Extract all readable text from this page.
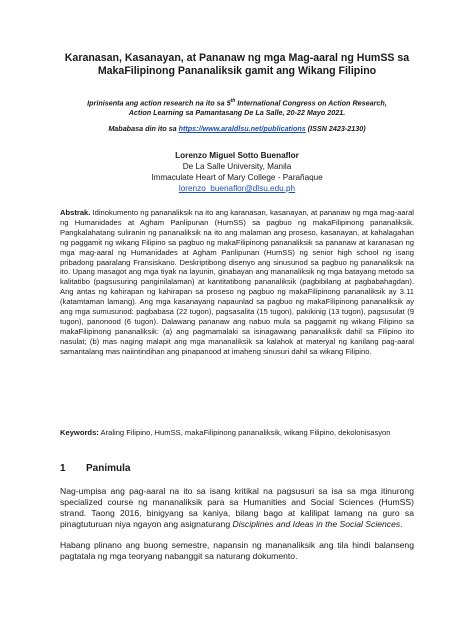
Karanasan, Kasanayan, at Pananaw ng mga Mag-aaral ng HumSS sa
MakaFilipinong Pananaliksik gamit ang Wikang Filipino
Iprinisenta ang action research na ito sa 5th International Congress on Action Research,
Action Learning sa Pamantasang De La Salle, 20-22 Mayo 2021.
Mababasa din ito sa https://www.araldlsu.net/publications (ISSN 2423-2130)
Lorenzo Miguel Sotto Buenaflor
De La Salle University, Manila
Immaculate Heart of Mary College - Parañaque
lorenzo_buenaflor@dlsu.edu.ph
Abstrak. Idinokumento ng pananaliksik na ito ang karanasan, kasanayan, at pananaw ng mga mag-aaral ng Humanidades at Agham Panlipunan (HumSS) sa pagbuo ng makaFilipinong pananaliksik. Pangkalahatang suliranin ng pananaliksik na ito ang malaman ang proseso, kasanayan, at kahalagahan ng paggamit ng wikang Filipino sa pagbuo ng makaFilipinong pananaliksik sa pananaw at karanasan ng mga mag-aaral ng Humanidades at Agham Panlipunan (HumSS) ng senior high school ng isang pribadong paaralang Fransiskano. Deskriptibong disenyo ang sinusunod sa pagbuo ng pananaliksik na ito. Upang masagot ang mga tiyak na layunin, ginabayan ang mananaliksik ng mga batayang metodo sa kalitatibo (pagsusuring panginilalaman) at kantitatibong pananaliksik (pagbibilang at pagbabahagdan). Ang antas ng kahirapan ng kahirapan sa proseso ng pagbuo ng makaFilipinong pananaliksik ay 3.11 (katamtaman lamang). Ang mga kasanayang napaunlad sa pagbuo ng makaFilipinong pananaliksik ay ang mga sumusunod: pagbabasa (22 tugon), pagsasalita (15 tugon), pakikinig (13 tugon), pagsusulat (9 tugon), panonood (6 tugon). Dalawang pananaw ang nabuo mula sa paggamit ng wikang Filipino sa makaFilipinong pananaliksik: (a) ang pagmamalaki sa isinagawang pananaliksik dahil sa Filipino ito nasulat; (b) mas naging malapit ang mga mananaliksik sa kalahok at materyal ng kanilang pag-aaral samantalang mas naiintindihan ang pinapanood at imaheng sinusuri dahil sa wikang Filipino.
Keywords: Araling Filipino, HumSS, makaFilipinong pananaliksik, wikang Filipino, dekolonisasyon
1 Panimula
Nag-umpisa ang pag-aaral na ito sa isang kritikal na pagsusuri sa isa sa mga itinurong specialized course ng mananaliksik para sa Humanities and Social Sciences (HumSS) strand. Taong 2016, binigyang sa kaniya, bilang bago at kalilipat lamang na guro sa pinagtuturuan niya ngayon ang asignaturang Disciplines and Ideas in the Social Sciences.
Habang plinano ang buong semestre, napansin ng mananaliksik ang tila hindi balanseng pagtatala ng mga teoryang nabanggit sa naturang dokumento.
